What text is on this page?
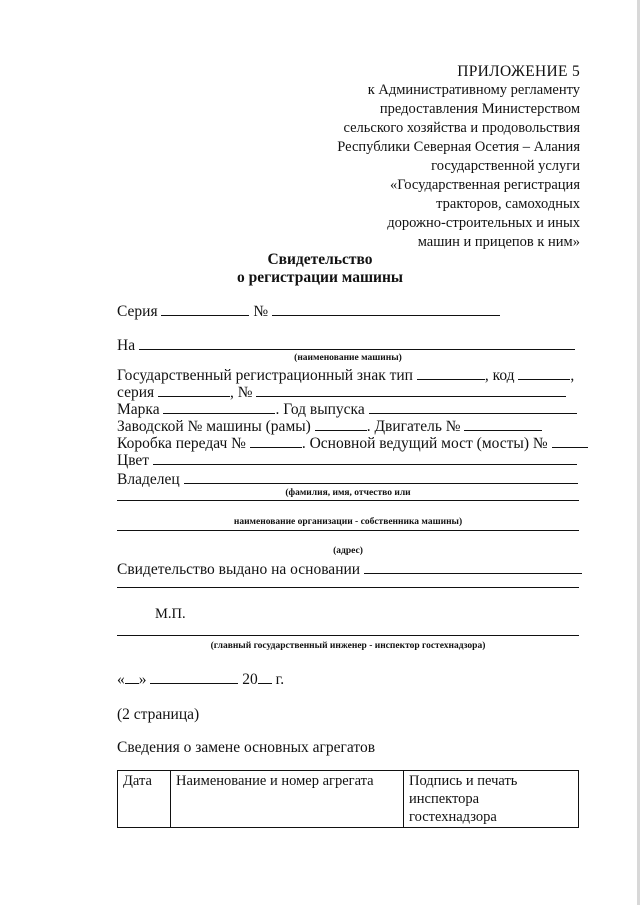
ПРИЛОЖЕНИЕ 5
к Административному регламенту
предоставления Министерством
сельского хозяйства и продовольствия
Республики Северная Осетия – Алания
государственной услуги
«Государственная регистрация
тракторов, самоходных
дорожно-строительных и иных
машин и прицепов к ним»
Свидетельство
о регистрации машины
Серия	№
На
(наименование машины)
Государственный регистрационный знак тип	, код	,
серия	, №
Марка	. Год выпуска
Заводской № машины (рамы)	. Двигатель №
Коробка передач №	. Основной ведущий мост (мосты) №
Цвет
Владелец
(фамилия, имя, отчество или
наименование организации - собственника машины)
(адрес)
Свидетельство выдано на основании
М.П.
(главный государственный инженер - инспектор гостехнадзора)
« »	20 г.
(2 страница)
Сведения о замене основных агрегатов
Дата	Наименование и номер агрегата	Подпись и печать
инспектора
гостехнадзора
